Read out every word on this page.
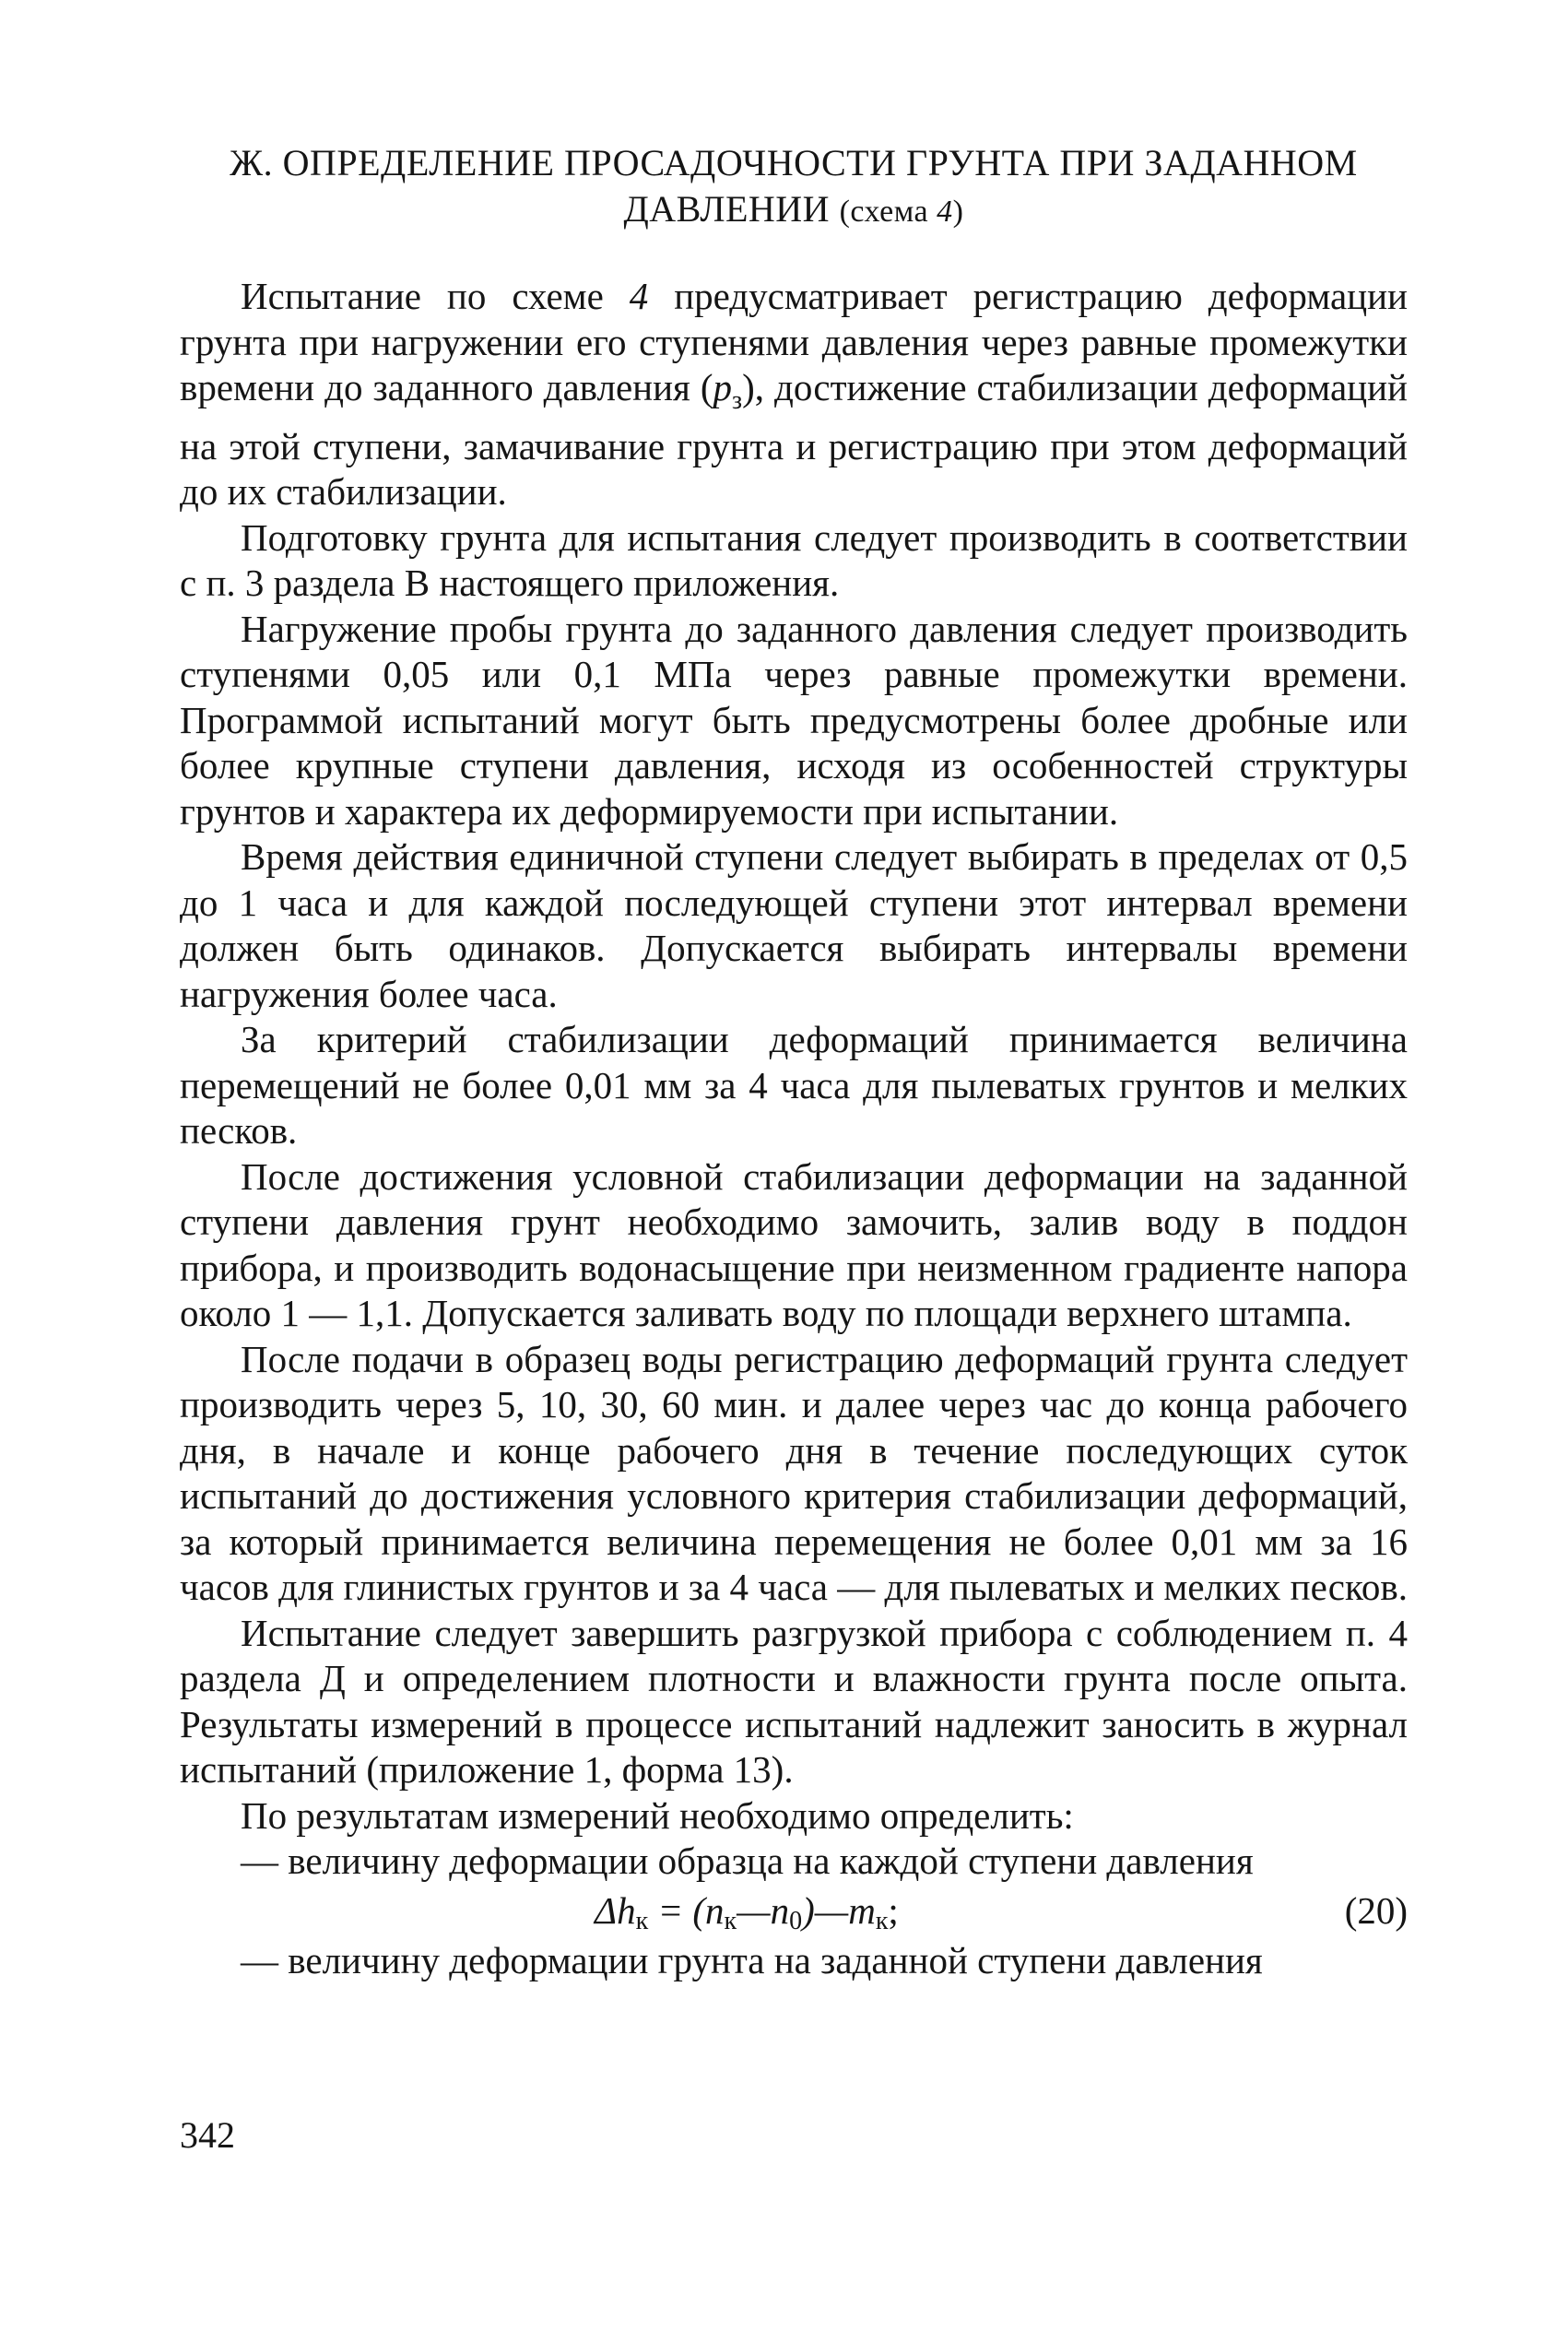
Ж. ОПРЕДЕЛЕНИЕ ПРОСАДОЧНОСТИ ГРУНТА ПРИ ЗАДАННОМ
ДАВЛЕНИИ (схема 4)

Испытание по схеме 4 предусматривает регистрацию деформации грунта при нагружении его ступенями давления через равные промежутки времени до заданного давления $(р_з)$, достижение стабилизации деформаций на этой ступени, замачивание грунта и регистрацию при этом деформаций до их стабилизации.

Подготовку грунта для испытания следует производить в соответствии с п. 3 раздела В настоящего приложения.

Нагружение пробы грунта до заданного давления следует производить ступенями 0,05 или 0,1 МПа через равные промежутки времени. Программой испытаний могут быть предусмотрены более дробные или более крупные ступени давления, исходя из особенностей структуры грунтов и характера их деформируемости при испытании.

Время действия единичной ступени следует выбирать в пределах от 0,5 до 1 часа и для каждой последующей ступени этот интервал времени должен быть одинаков. Допускается выбирать интервалы времени нагружения более часа.

За критерий стабилизации деформаций принимается величина перемещений не более 0,01 мм за 4 часа для пылеватых грунтов и мелких песков.

После достижения условной стабилизации деформации на заданной ступени давления грунт необходимо замочить, залив воду в поддон прибора, и производить водонасыщение при неизменном градиенте напора около 1 — 1,1. Допускается заливать воду по площади верхнего штампа.

После подачи в образец воды регистрацию деформаций грунта следует производить через 5, 10, 30, 60 мин. и далее через час до конца рабочего дня, в начале и конце рабочего дня в течение последующих суток испытаний до достижения условного критерия стабилизации деформаций, за который принимается величина перемещения не более 0,01 мм за 16 часов для глинистых грунтов и за 4 часа — для пылеватых и мелких песков.

Испытание следует завершить разгрузкой прибора с соблюдением п. 4 раздела Д и определением плотности и влажности грунта после опыта. Результаты измерений в процессе испытаний надлежит заносить в журнал испытаний (приложение 1, форма 13).

По результатам измерений необходимо определить:

— величину деформации образца на каждой ступени давления

$\Delta h_к$ = $(n_к—n_0)—m_к$;	(20)

— величину деформации грунта на заданной ступени давления

342
